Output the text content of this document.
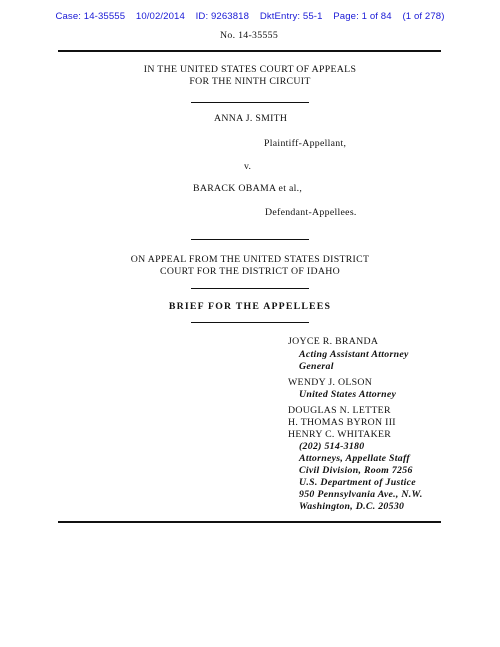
Case: 14-35555 10/02/2014 ID: 9263818 DktEntry: 55-1 Page: 1 of 84 (1 of 278)
No. 14-35555
IN THE UNITED STATES COURT OF APPEALS
FOR THE NINTH CIRCUIT
ANNA J. SMITH
Plaintiff-Appellant,
v.
BARACK OBAMA et al.,
Defendant-Appellees.
ON APPEAL FROM THE UNITED STATES DISTRICT
COURT FOR THE DISTRICT OF IDAHO
BRIEF FOR THE APPELLEES
JOYCE R. BRANDA
Acting Assistant Attorney
General
WENDY J. OLSON
United States Attorney
DOUGLAS N. LETTER
H. THOMAS BYRON III
HENRY C. WHITAKER
(202) 514-3180
Attorneys, Appellate Staff
Civil Division, Room 7256
U.S. Department of Justice
950 Pennsylvania Ave., N.W.
Washington, D.C. 20530
